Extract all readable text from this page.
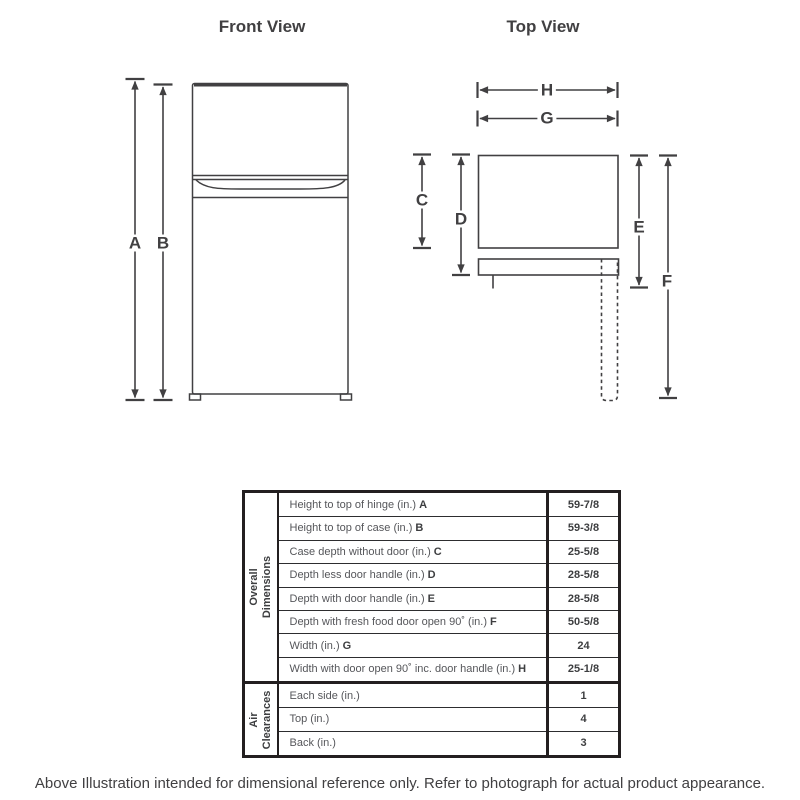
Front View	Top View
A B
C
D	E
F
G
H
Overall Dimensions	Height to top of hinge (in.) A	59-7/8
	Height to top of case (in.) B	59-3/8
	Case depth without door (in.) C	25-5/8
	Depth less door handle (in.) D	28-5/8
	Depth with door handle (in.) E	28-5/8
	Depth with fresh food door open 90˚ (in.) F	50-5/8
	Width (in.) G	24
	Width with door open 90˚ inc. door handle (in.) H	25-1/8

Air Clearances	Each side (in.)	1
	Top (in.)	4
	Back (in.)	3
Above Illustration intended for dimensional reference only. Refer to photograph for actual product appearance.
